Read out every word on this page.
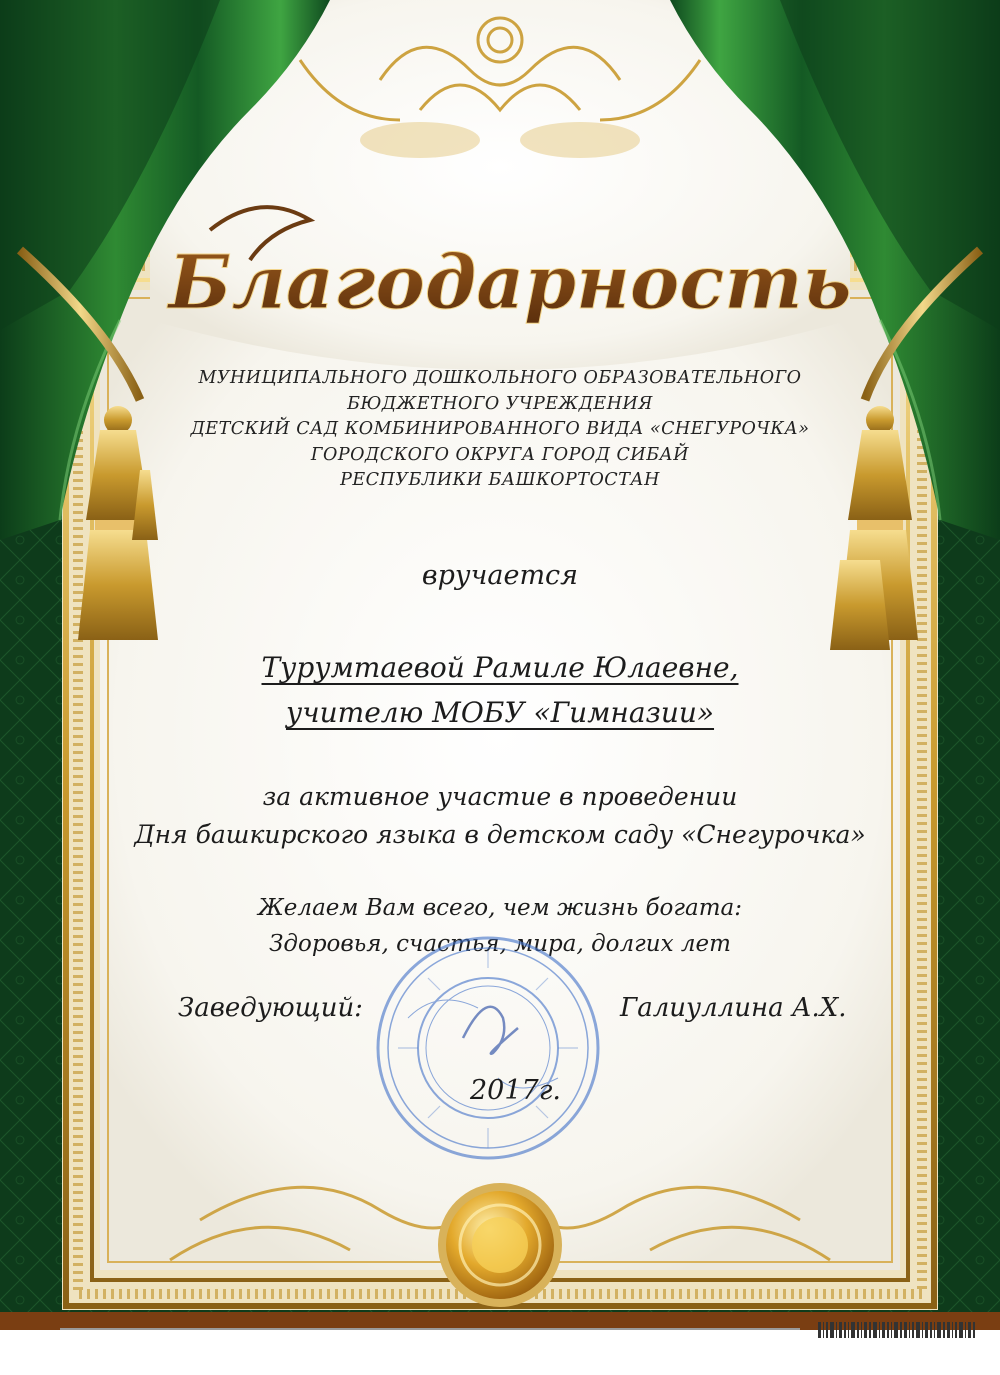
Благодарность
МУНИЦИПАЛЬНОГО ДОШКОЛЬНОГО ОБРАЗОВАТЕЛЬНОГО
БЮДЖЕТНОГО УЧРЕЖДЕНИЯ
ДЕТСКИЙ САД КОМБИНИРОВАННОГО ВИДА «СНЕГУРОЧКА»
ГОРОДСКОГО ОКРУГА ГОРОД СИБАЙ
РЕСПУБЛИКИ БАШКОРТОСТАН
вручается
Турумтаевой Рамиле Юлаевне,
учителю МОБУ «Гимназии»
за активное участие в проведении
Дня башкирского языка в детском саду «Снегурочка»
Желаем Вам всего, чем жизнь богата:
Здоровья, счастья, мира, долгих лет
Заведующий:	Галиуллина А.Х.
2017г.
